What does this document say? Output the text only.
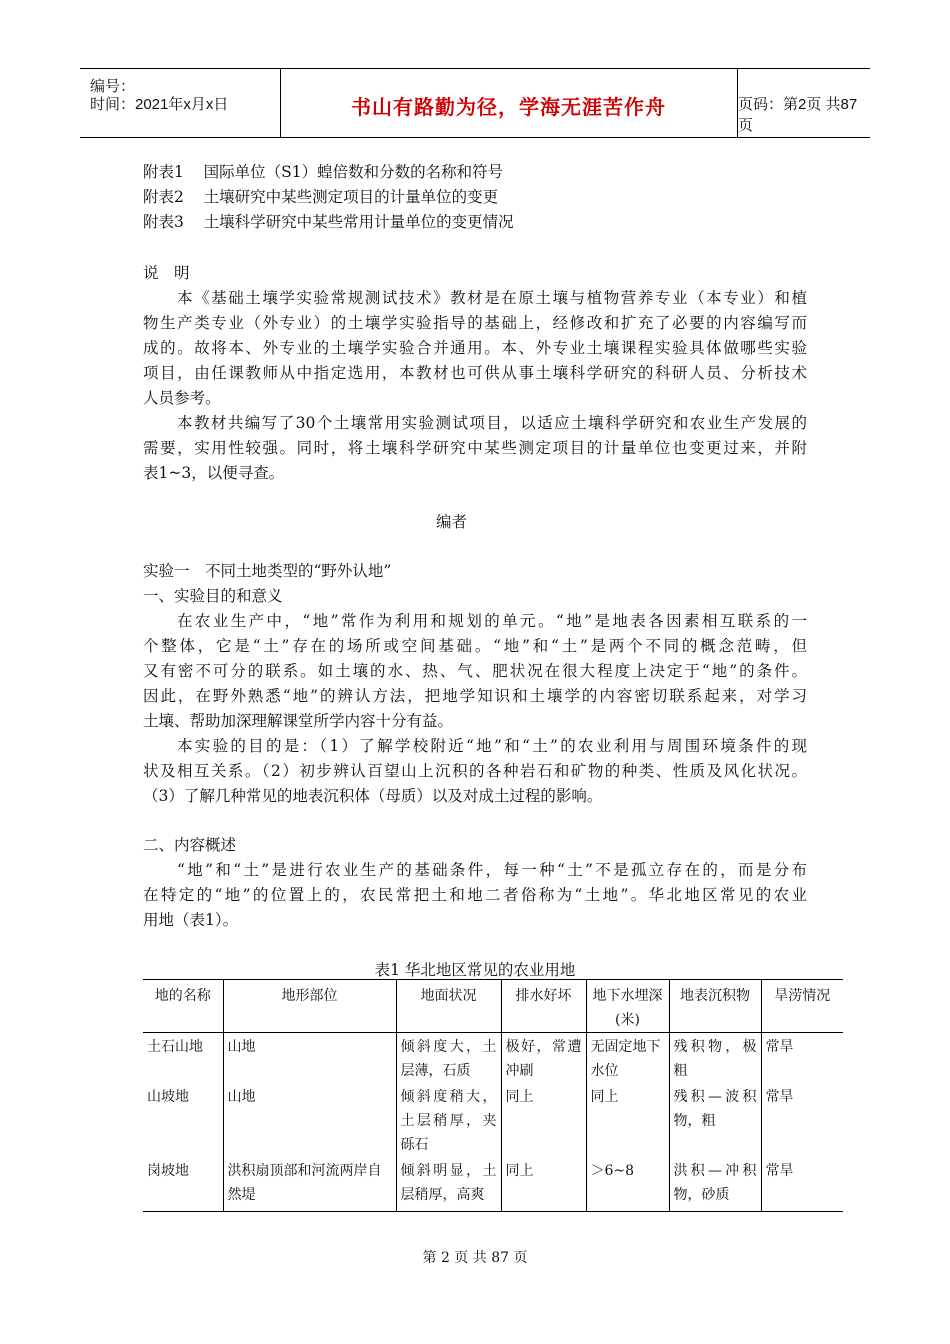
编号：
时间：2021年x月x日	书山有路勤为径，学海无涯苦作舟	页码：第2页 共87页
附表1 国际单位（S1）蝗倍数和分数的名称和符号
附表2 土壤研究中某些测定项目的计量单位的变更
附表3 土壤科学研究中某些常用计量单位的变更情况
说　明
本《基础土壤学实验常规测试技术》教材是在原土壤与植物营养专业（本专业）和植
物生产类专业（外专业）的土壤学实验指导的基础上，经修改和扩充了必要的内容编写而
成的。故将本、外专业的土壤学实验合并通用。本、外专业土壤课程实验具体做哪些实验
项目，由任课教师从中指定选用，本教材也可供从事土壤科学研究的科研人员、分析技术
人员参考。
本教材共编写了30个土壤常用实验测试项目，以适应土壤科学研究和农业生产发展的
需要，实用性较强。同时，将土壤科学研究中某些测定项目的计量单位也变更过来，并附
表1~3，以便寻查。
编者
实验一　不同土地类型的“野外认地”
一、实验目的和意义
在农业生产中，“地”常作为利用和规划的单元。“地”是地表各因素相互联系的一
个整体，它是“土”存在的场所或空间基础。“地”和“土”是两个不同的概念范畴，但
又有密不可分的联系。如土壤的水、热、气、肥状况在很大程度上决定于“地”的条件。
因此，在野外熟悉“地”的辨认方法，把地学知识和土壤学的内容密切联系起来，对学习
土壤、帮助加深理解课堂所学内容十分有益。
本实验的目的是：（1）了解学校附近“地”和“土”的农业利用与周围环境条件的现
状及相互关系。（2）初步辨认百望山上沉积的各种岩石和矿物的种类、性质及风化状况。
（3）了解几种常见的地表沉积体（母质）以及对成土过程的影响。
二、内容概述
“地”和“土”是进行农业生产的基础条件，每一种“土”不是孤立存在的，而是分布
在特定的“地”的位置上的，农民常把土和地二者俗称为“土地”。华北地区常见的农业
用地（表1）。
表1 华北地区常见的农业用地
地的名称	地形部位	地面状况	排水好坏	地下水埋深(米)	地表沉积物	旱涝情况
土石山地	山地	倾斜度大，土层薄，石质	极好，常遭冲刷	无固定地下水位	残积物，极粗	常旱
山坡地	山地	倾斜度稍大，土层稍厚，夹砾石	同上	同上	残积—波积物，粗	常旱
岗坡地	洪积扇顶部和河流两岸自然堤	倾斜明显，土层稍厚，高爽	同上	＞6~8	洪积—冲积物，砂质	常旱
第 2 页 共 87 页
